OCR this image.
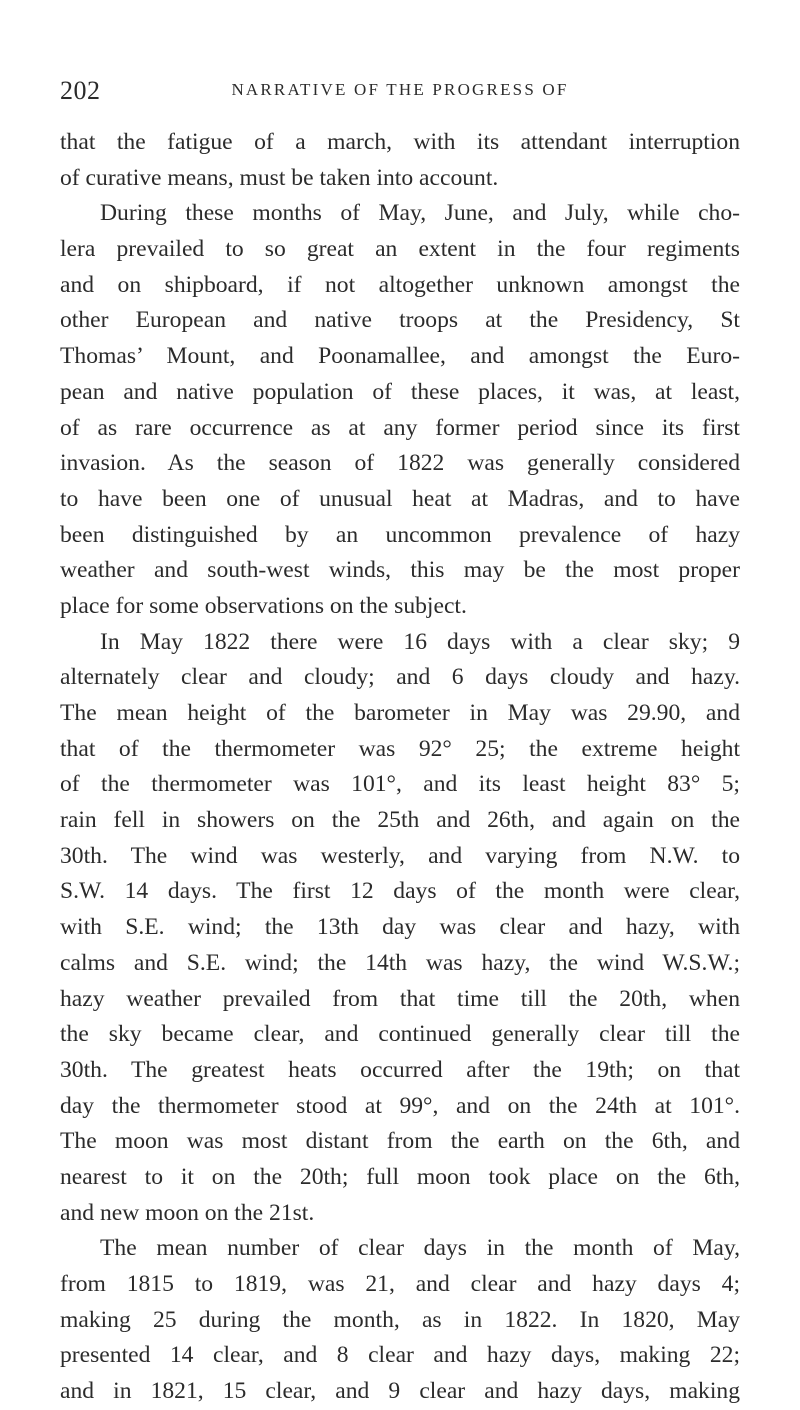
202	NARRATIVE OF THE PROGRESS OF
that the fatigue of a march, with its attendant interruption
of curative means, must be taken into account.
During these months of May, June, and July, while cho-
lera prevailed to so great an extent in the four regiments
and on shipboard, if not altogether unknown amongst the
other European and native troops at the Presidency, St
Thomas’ Mount, and Poonamallee, and amongst the Euro-
pean and native population of these places, it was, at least,
of as rare occurrence as at any former period since its first
invasion. As the season of 1822 was generally considered
to have been one of unusual heat at Madras, and to have
been distinguished by an uncommon prevalence of hazy
weather and south-west winds, this may be the most proper
place for some observations on the subject.
In May 1822 there were 16 days with a clear sky; 9
alternately clear and cloudy; and 6 days cloudy and hazy.
The mean height of the barometer in May was 29.90, and
that of the thermometer was 92° 25; the extreme height
of the thermometer was 101°, and its least height 83° 5;
rain fell in showers on the 25th and 26th, and again on the
30th. The wind was westerly, and varying from N.W. to
S.W. 14 days. The first 12 days of the month were clear,
with S.E. wind; the 13th day was clear and hazy, with
calms and S.E. wind; the 14th was hazy, the wind W.S.W.;
hazy weather prevailed from that time till the 20th, when
the sky became clear, and continued generally clear till the
30th. The greatest heats occurred after the 19th; on that
day the thermometer stood at 99°, and on the 24th at 101°.
The moon was most distant from the earth on the 6th, and
nearest to it on the 20th; full moon took place on the 6th,
and new moon on the 21st.
The mean number of clear days in the month of May,
from 1815 to 1819, was 21, and clear and hazy days 4;
making 25 during the month, as in 1822. In 1820, May
presented 14 clear, and 8 clear and hazy days, making 22;
and in 1821, 15 clear, and 9 clear and hazy days, making
